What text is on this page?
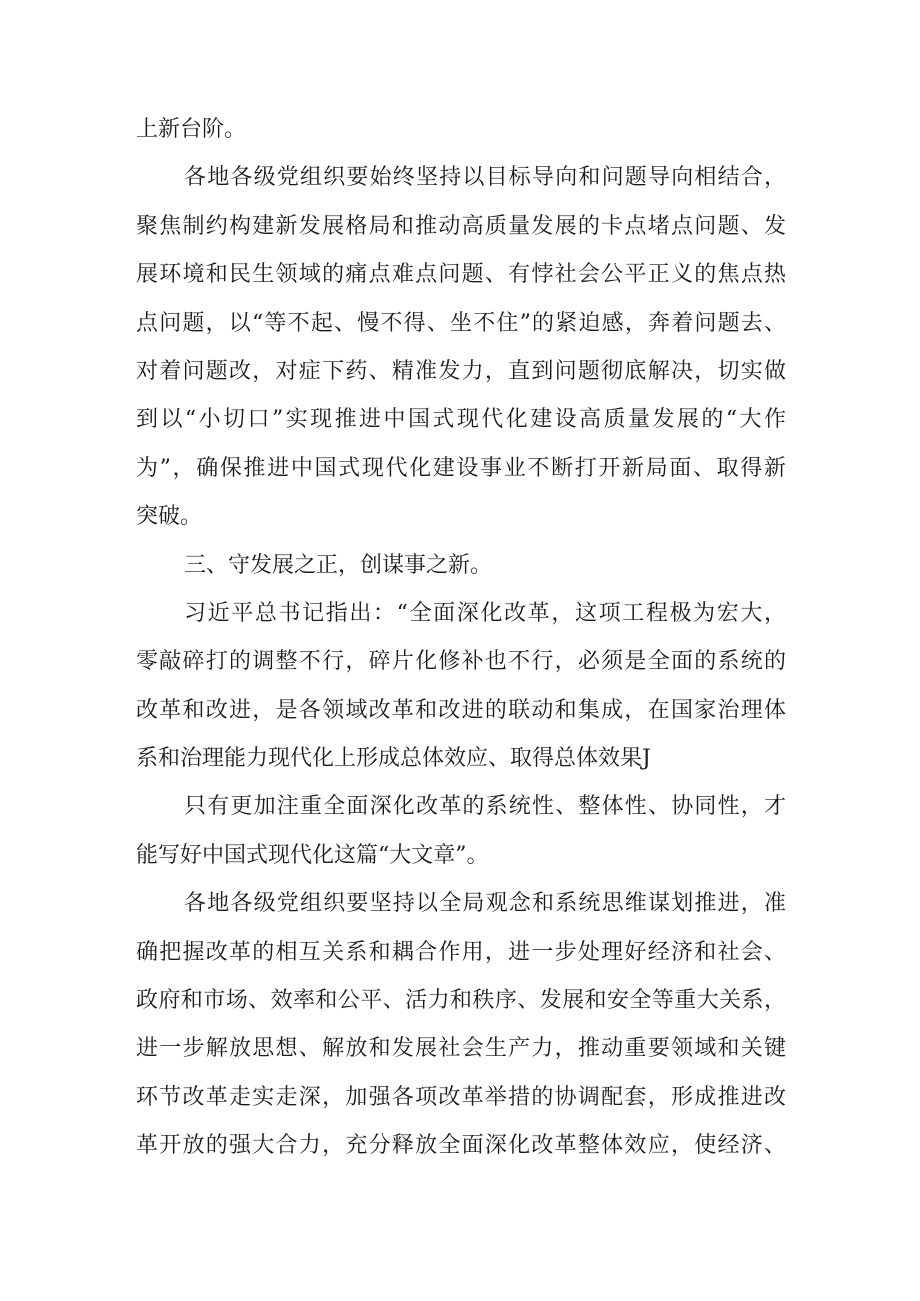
上新台阶。
各地各级党组织要始终坚持以目标导向和问题导向相结合，
聚焦制约构建新发展格局和推动高质量发展的卡点堵点问题、发
展环境和民生领域的痛点难点问题、有悖社会公平正义的焦点热
点问题，以“等不起、慢不得、坐不住”的紧迫感，奔着问题去、
对着问题改，对症下药、精准发力，直到问题彻底解决，切实做
到以“小切口”实现推进中国式现代化建设高质量发展的“大作
为”，确保推进中国式现代化建设事业不断打开新局面、取得新
突破。
三、守发展之正，创谋事之新。
习近平总书记指出：“全面深化改革，这项工程极为宏大，
零敲碎打的调整不行，碎片化修补也不行，必须是全面的系统的
改革和改进，是各领域改革和改进的联动和集成，在国家治理体
系和治理能力现代化上形成总体效应、取得总体效果J
只有更加注重全面深化改革的系统性、整体性、协同性，才
能写好中国式现代化这篇“大文章”。
各地各级党组织要坚持以全局观念和系统思维谋划推进，准
确把握改革的相互关系和耦合作用，进一步处理好经济和社会、
政府和市场、效率和公平、活力和秩序、发展和安全等重大关系，
进一步解放思想、解放和发展社会生产力，推动重要领域和关键
环节改革走实走深，加强各项改革举措的协调配套，形成推进改
革开放的强大合力，充分释放全面深化改革整体效应，使经济、
